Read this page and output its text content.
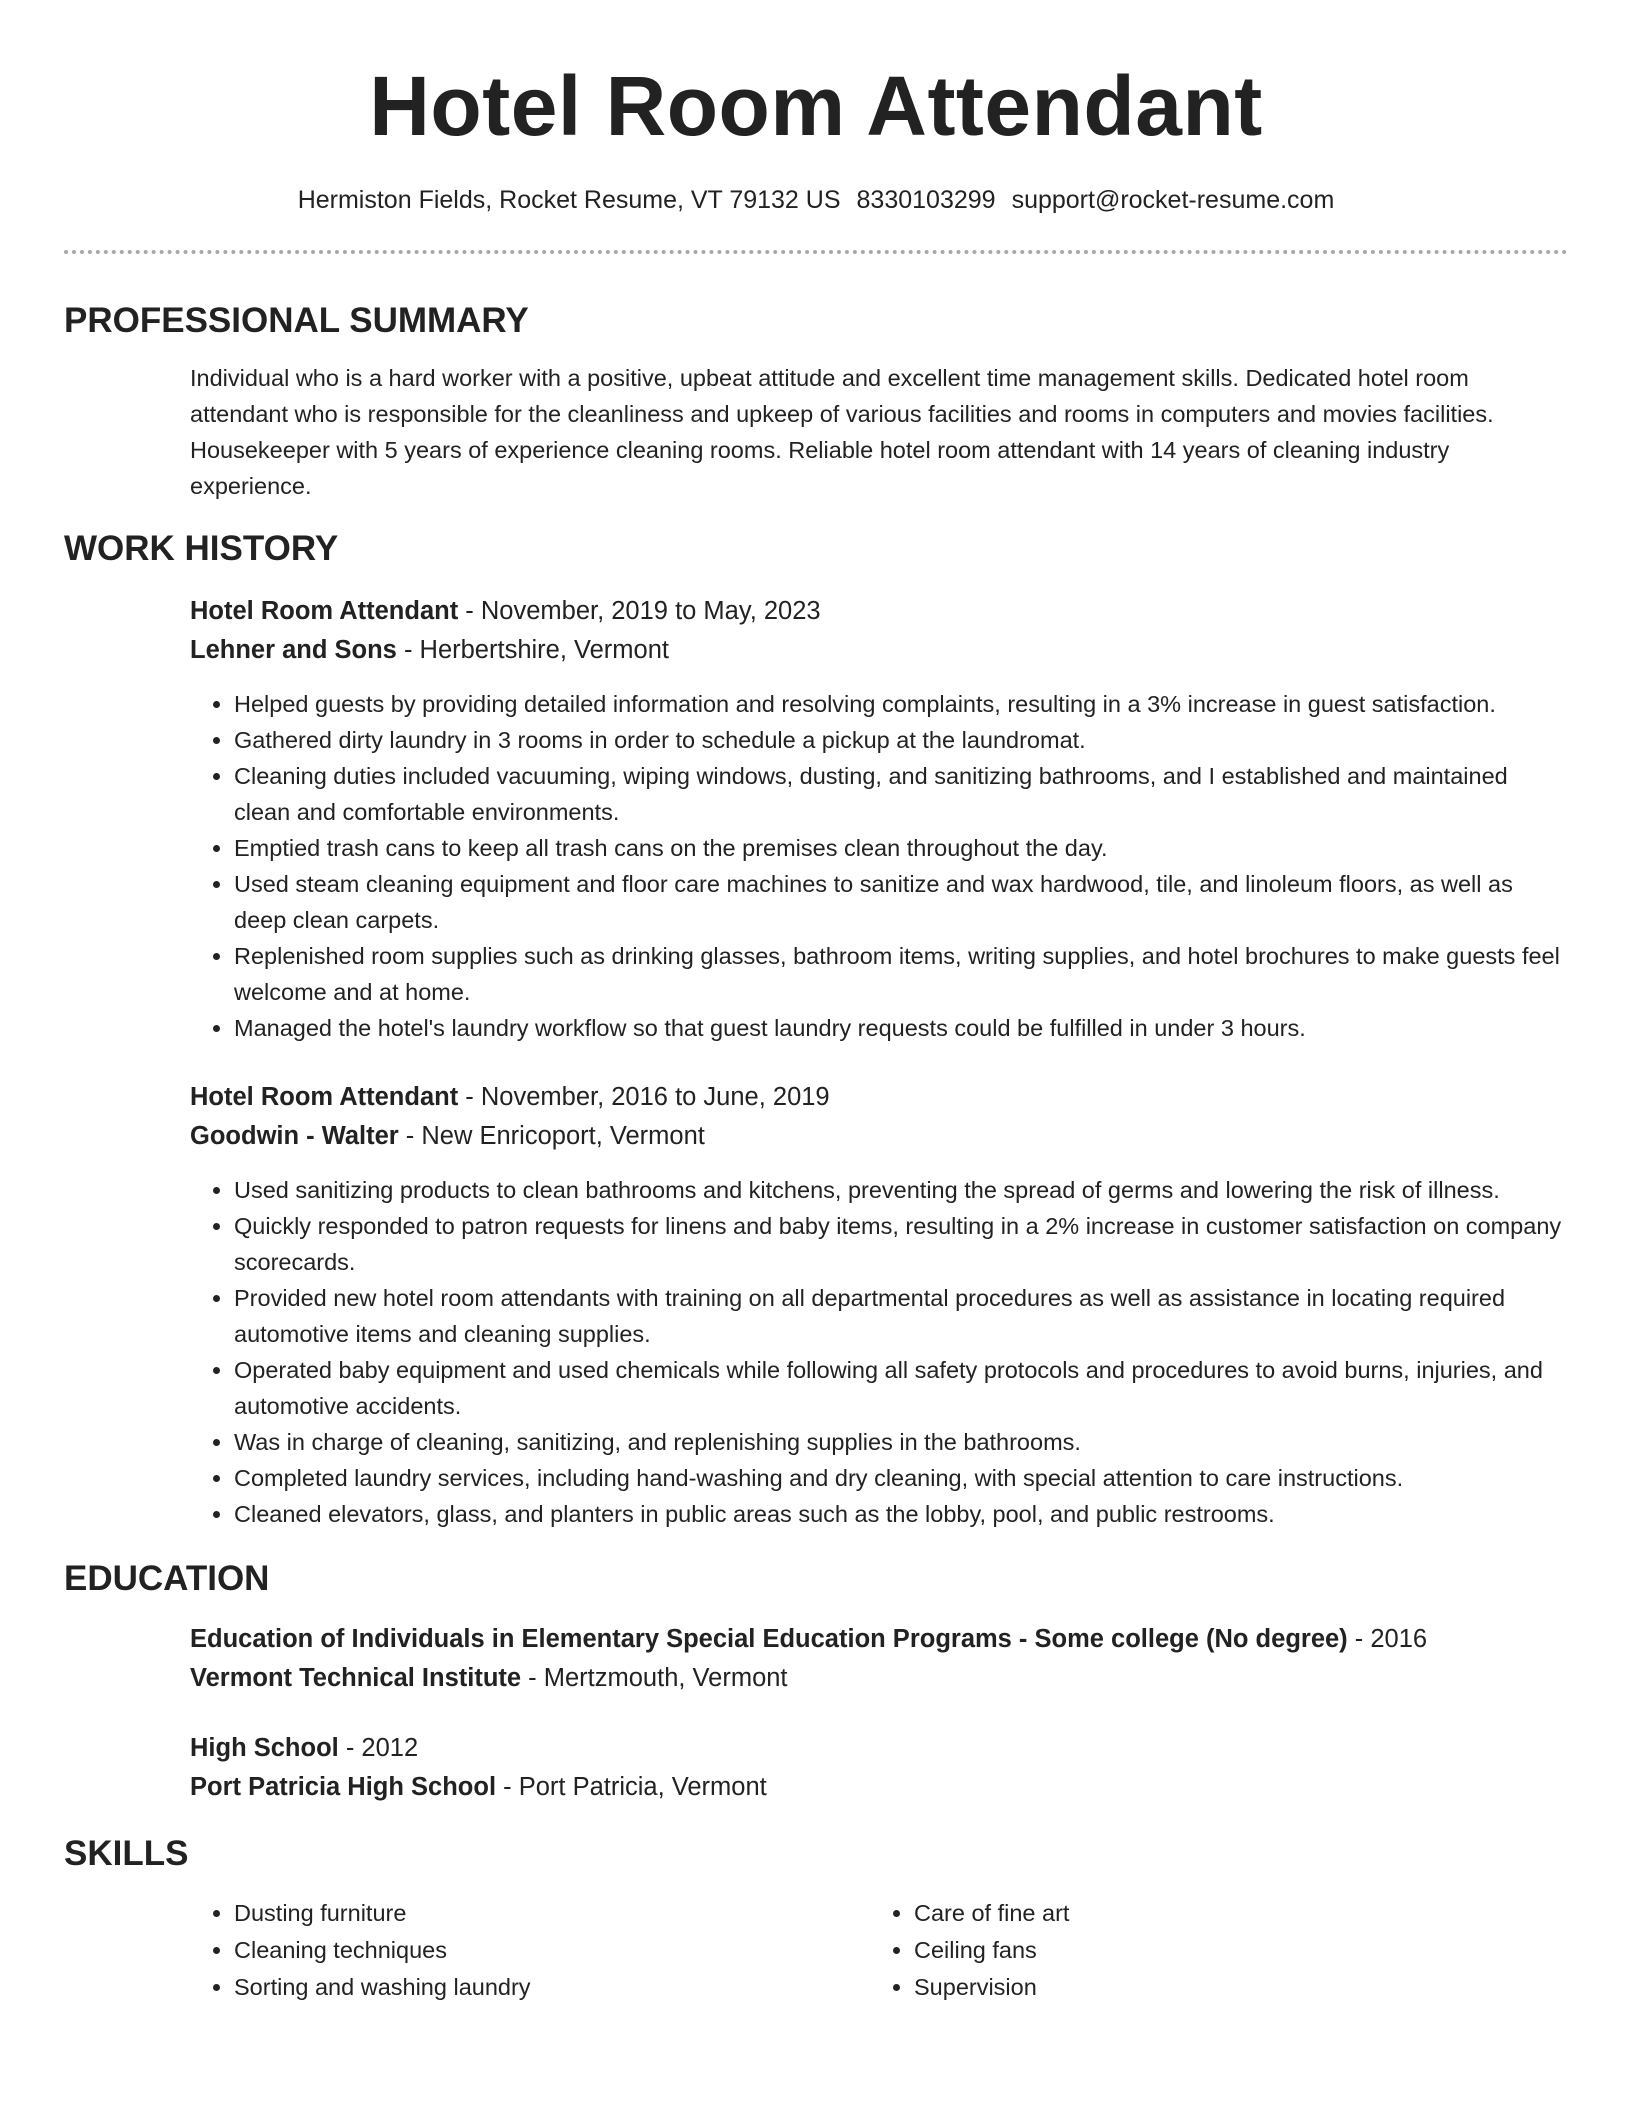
Hotel Room Attendant
Hermiston Fields, Rocket Resume, VT 79132 US 8330103299 support@rocket-resume.com
PROFESSIONAL SUMMARY

Individual who is a hard worker with a positive, upbeat attitude and excellent time management skills. Dedicated hotel room attendant who is responsible for the cleanliness and upkeep of various facilities and rooms in computers and movies facilities. Housekeeper with 5 years of experience cleaning rooms. Reliable hotel room attendant with 14 years of cleaning industry experience.

WORK HISTORY
Hotel Room Attendant - November, 2019 to May, 2023
Lehner and Sons - Herbertshire, Vermont
• Helped guests by providing detailed information and resolving complaints, resulting in a 3% increase in guest satisfaction.
• Gathered dirty laundry in 3 rooms in order to schedule a pickup at the laundromat.
• Cleaning duties included vacuuming, wiping windows, dusting, and sanitizing bathrooms, and I established and maintained clean and comfortable environments.
• Emptied trash cans to keep all trash cans on the premises clean throughout the day.
• Used steam cleaning equipment and floor care machines to sanitize and wax hardwood, tile, and linoleum floors, as well as deep clean carpets.
• Replenished room supplies such as drinking glasses, bathroom items, writing supplies, and hotel brochures to make guests feel welcome and at home.
• Managed the hotel's laundry workflow so that guest laundry requests could be fulfilled in under 3 hours.
Hotel Room Attendant - November, 2016 to June, 2019
Goodwin - Walter - New Enricoport, Vermont
• Used sanitizing products to clean bathrooms and kitchens, preventing the spread of germs and lowering the risk of illness.
• Quickly responded to patron requests for linens and baby items, resulting in a 2% increase in customer satisfaction on company scorecards.
• Provided new hotel room attendants with training on all departmental procedures as well as assistance in locating required automotive items and cleaning supplies.
• Operated baby equipment and used chemicals while following all safety protocols and procedures to avoid burns, injuries, and automotive accidents.
• Was in charge of cleaning, sanitizing, and replenishing supplies in the bathrooms.
• Completed laundry services, including hand-washing and dry cleaning, with special attention to care instructions.
• Cleaned elevators, glass, and planters in public areas such as the lobby, pool, and public restrooms.
EDUCATION
Education of Individuals in Elementary Special Education Programs - Some college (No degree) - 2016
Vermont Technical Institute - Mertzmouth, Vermont
High School - 2012
Port Patricia High School - Port Patricia, Vermont
SKILLS
• Dusting furniture
• Cleaning techniques
• Sorting and washing laundry
• Care of fine art
• Ceiling fans
• Supervision
